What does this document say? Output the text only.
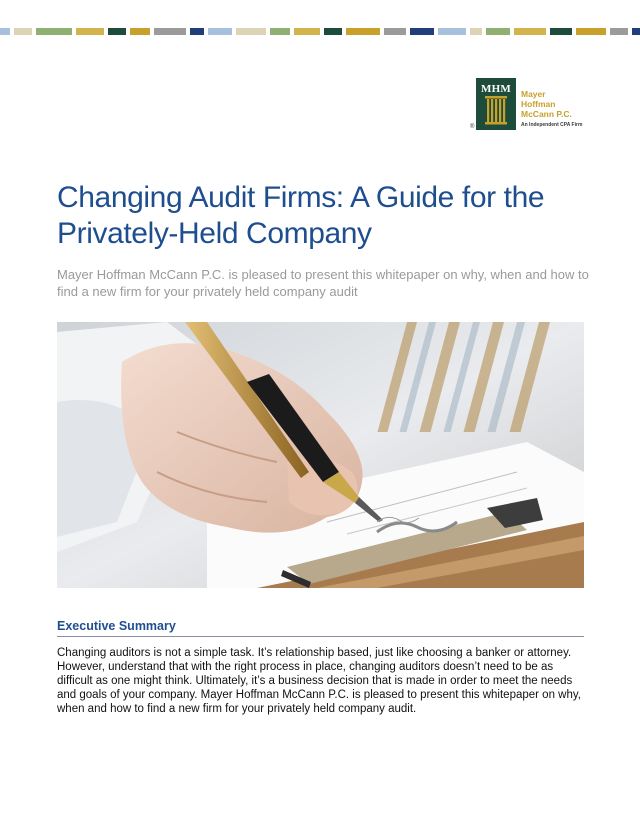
MHM	Mayer
Hoffman
McCann P.C.
An Independent CPA Firm
®
Changing Audit Firms: A Guide for the Privately-Held Company

Mayer Hoffman McCann P.C. is pleased to present this whitepaper on why, when and how to find a new firm for your privately held company audit

Executive Summary

Changing auditors is not a simple task. It’s relationship based, just like choosing a banker or attorney. However, understand that with the right process in place, changing auditors doesn’t need to be as difficult as one might think. Ultimately, it’s a business decision that is made in order to meet the needs and goals of your company. Mayer Hoffman McCann P.C. is pleased to present this whitepaper on why, when and how to find a new firm for your privately held company audit.
